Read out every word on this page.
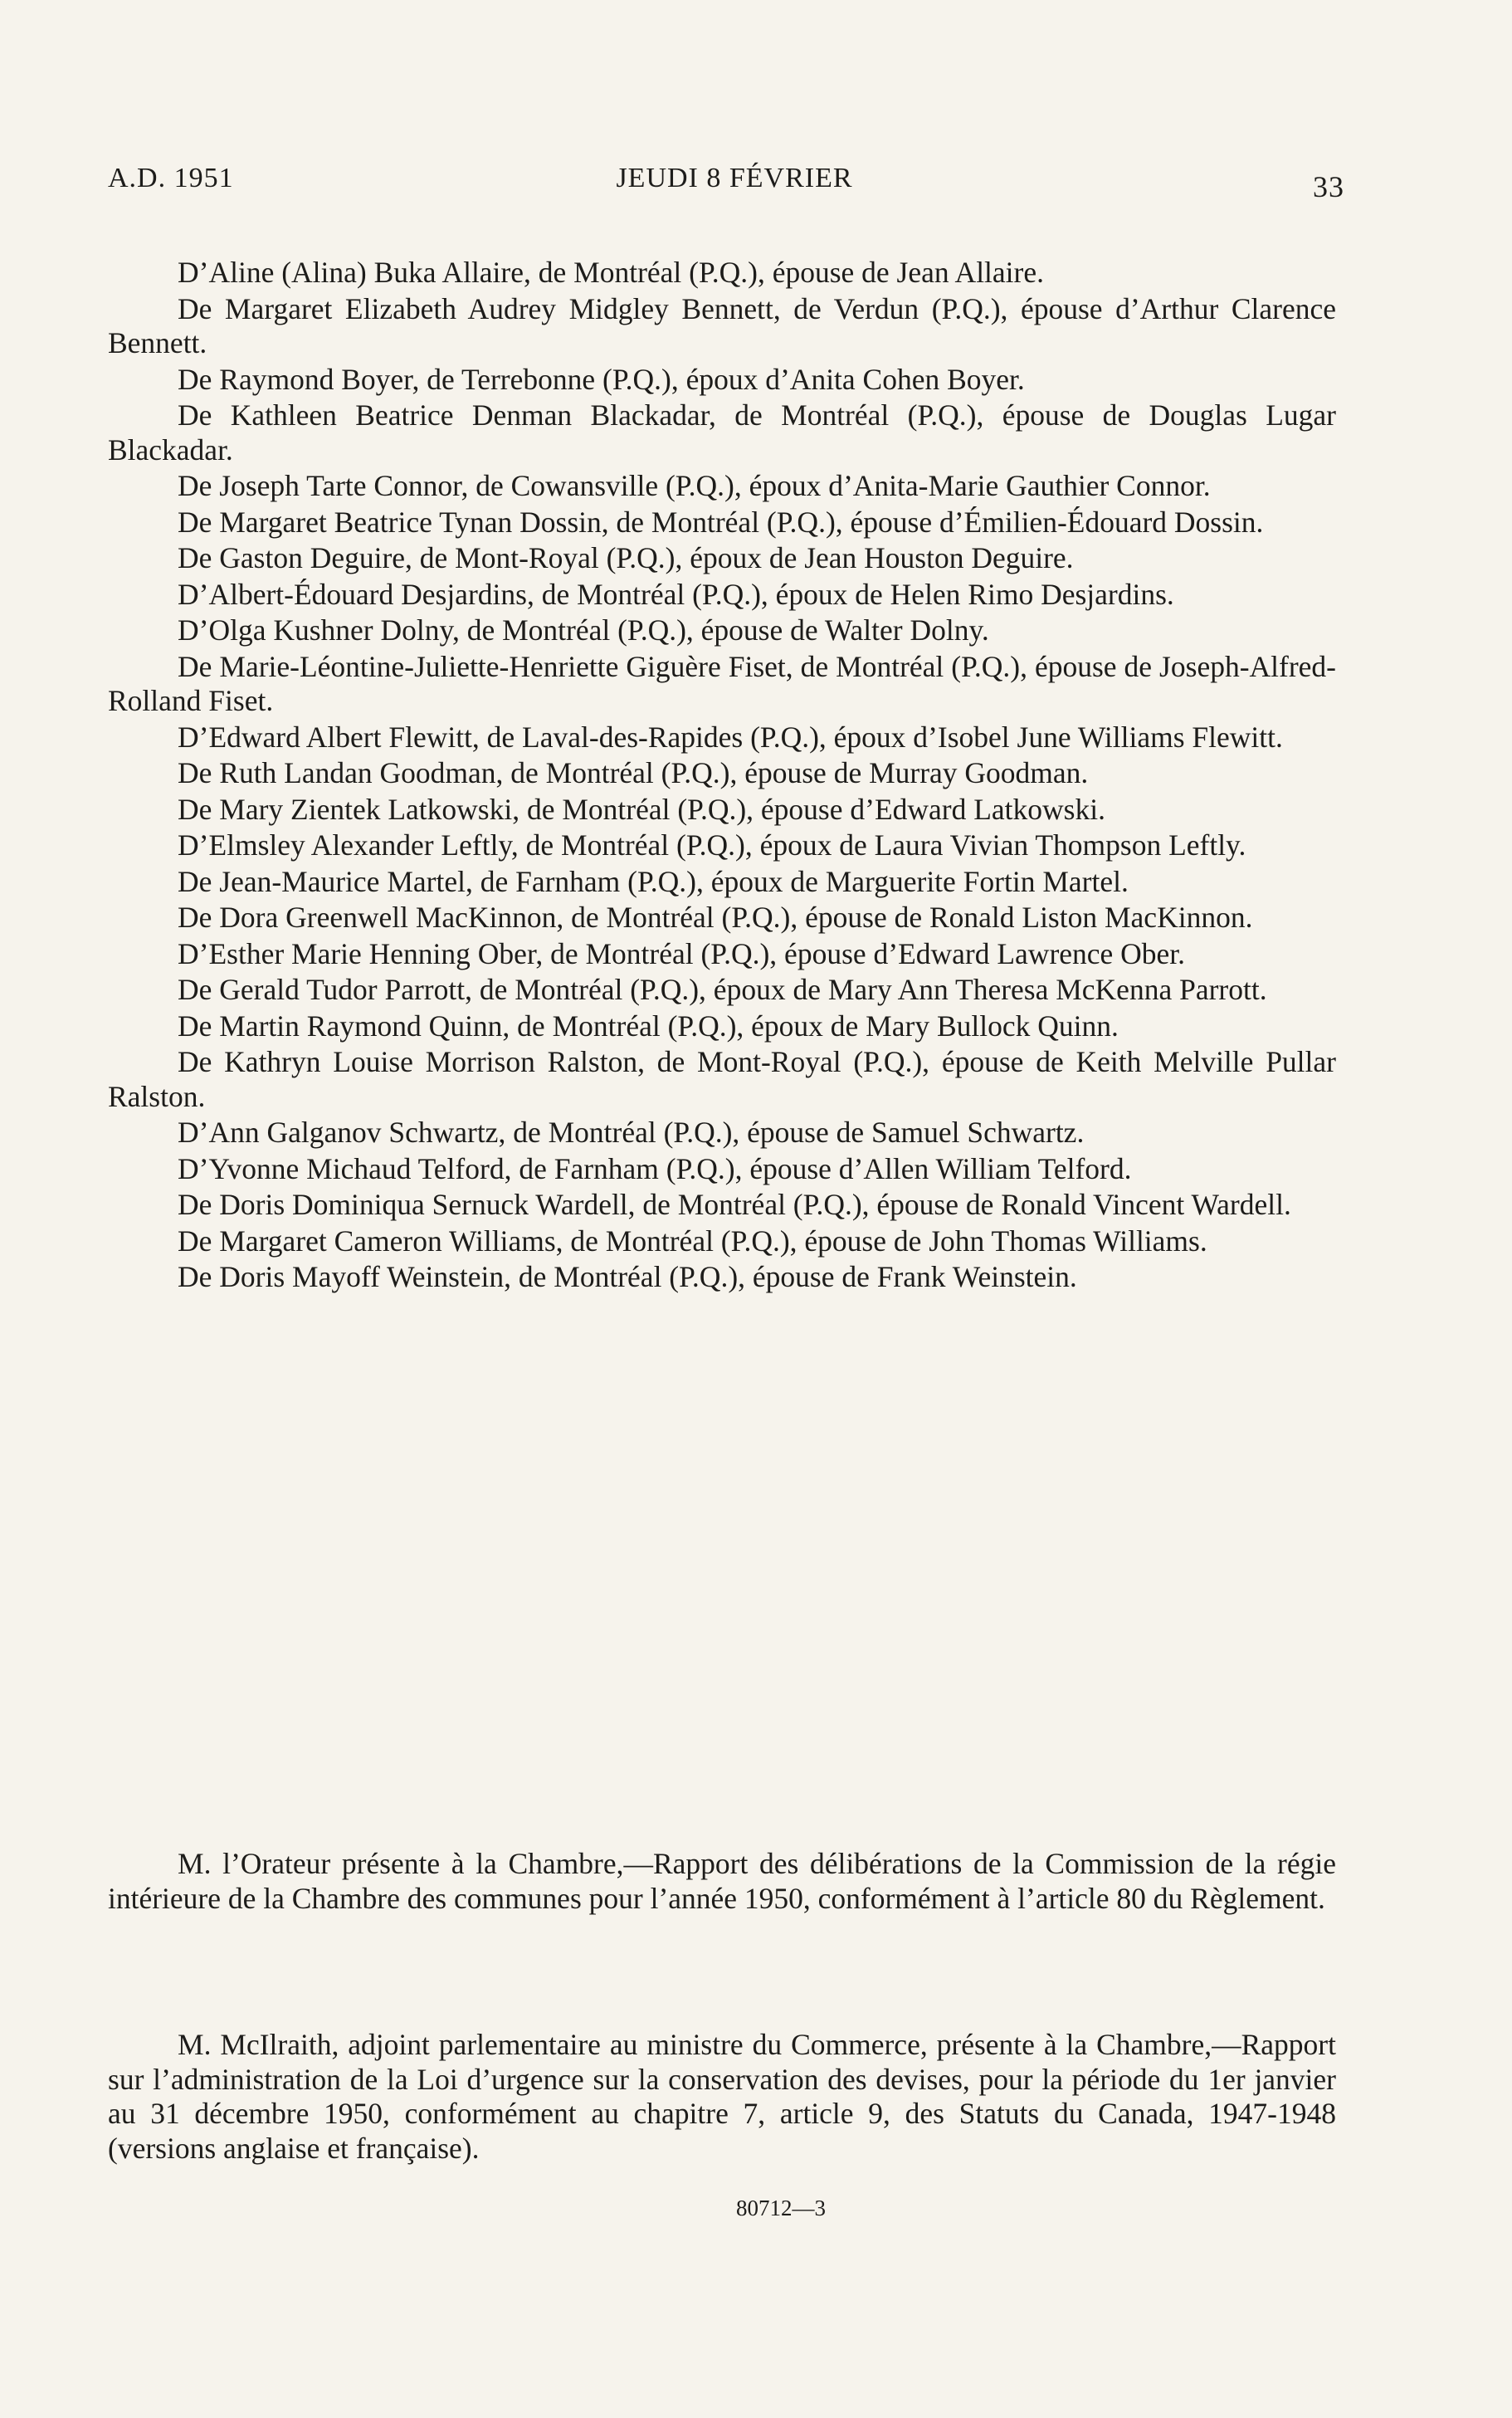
A.D. 1951	JEUDI 8 FÉVRIER	33

D’Aline (Alina) Buka Allaire, de Montréal (P.Q.), épouse de Jean Allaire.

De Margaret Elizabeth Audrey Midgley Bennett, de Verdun (P.Q.), épouse d’Arthur Clarence Bennett.

De Raymond Boyer, de Terrebonne (P.Q.), époux d’Anita Cohen Boyer.

De Kathleen Beatrice Denman Blackadar, de Montréal (P.Q.), épouse de Douglas Lugar Blackadar.

De Joseph Tarte Connor, de Cowansville (P.Q.), époux d’Anita-Marie Gauthier Connor.

De Margaret Beatrice Tynan Dossin, de Montréal (P.Q.), épouse d’Émilien-Édouard Dossin.

De Gaston Deguire, de Mont-Royal (P.Q.), époux de Jean Houston Deguire.

D’Albert-Édouard Desjardins, de Montréal (P.Q.), époux de Helen Rimo Desjardins.

D’Olga Kushner Dolny, de Montréal (P.Q.), épouse de Walter Dolny.

De Marie-Léontine-Juliette-Henriette Giguère Fiset, de Montréal (P.Q.), épouse de Joseph-Alfred-Rolland Fiset.

D’Edward Albert Flewitt, de Laval-des-Rapides (P.Q.), époux d’Isobel June Williams Flewitt.

De Ruth Landan Goodman, de Montréal (P.Q.), épouse de Murray Goodman.

De Mary Zientek Latkowski, de Montréal (P.Q.), épouse d’Edward Latkowski.

D’Elmsley Alexander Leftly, de Montréal (P.Q.), époux de Laura Vivian Thompson Leftly.

De Jean-Maurice Martel, de Farnham (P.Q.), époux de Marguerite Fortin Martel.

De Dora Greenwell MacKinnon, de Montréal (P.Q.), épouse de Ronald Liston MacKinnon.

D’Esther Marie Henning Ober, de Montréal (P.Q.), épouse d’Edward Lawrence Ober.

De Gerald Tudor Parrott, de Montréal (P.Q.), époux de Mary Ann Theresa McKenna Parrott.

De Martin Raymond Quinn, de Montréal (P.Q.), époux de Mary Bullock Quinn.

De Kathryn Louise Morrison Ralston, de Mont-Royal (P.Q.), épouse de Keith Melville Pullar Ralston.

D’Ann Galganov Schwartz, de Montréal (P.Q.), épouse de Samuel Schwartz.

D’Yvonne Michaud Telford, de Farnham (P.Q.), épouse d’Allen William Telford.

De Doris Dominiqua Sernuck Wardell, de Montréal (P.Q.), épouse de Ronald Vincent Wardell.

De Margaret Cameron Williams, de Montréal (P.Q.), épouse de John Thomas Williams.

De Doris Mayoff Weinstein, de Montréal (P.Q.), épouse de Frank Weinstein.

M. l’Orateur présente à la Chambre,—Rapport des délibérations de la Commission de la régie intérieure de la Chambre des communes pour l’année 1950, conformément à l’article 80 du Règlement.

M. McIlraith, adjoint parlementaire au ministre du Commerce, présente à la Chambre,—Rapport sur l’administration de la Loi d’urgence sur la conservation des devises, pour la période du 1er janvier au 31 décembre 1950, conformément au chapitre 7, article 9, des Statuts du Canada, 1947-1948 (versions anglaise et française).

80712—3
